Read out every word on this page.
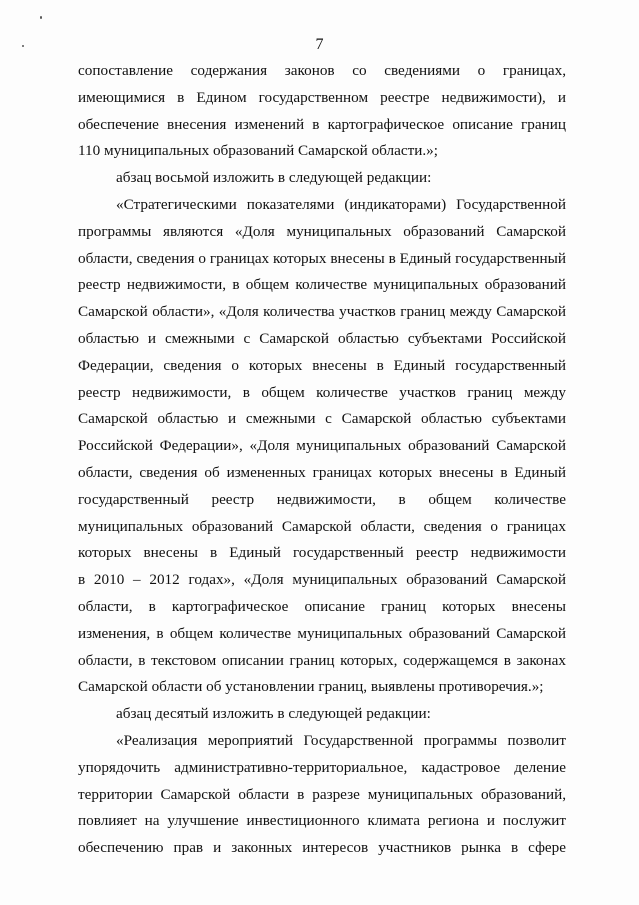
7
сопоставление содержания законов со сведениями о границах,
имеющимися в Едином государственном реестре недвижимости), и
обеспечение внесения изменений в картографическое описание границ
110 муниципальных образований Самарской области.»;
абзац восьмой изложить в следующей редакции:
«Стратегическими показателями (индикаторами) Государственной
программы являются «Доля муниципальных образований Самарской
области, сведения о границах которых внесены в Единый государственный
реестр недвижимости, в общем количестве муниципальных образований
Самарской области», «Доля количества участков границ между Самарской
областью и смежными с Самарской областью субъектами Российской
Федерации, сведения о которых внесены в Единый государственный
реестр недвижимости, в общем количестве участков границ между
Самарской областью и смежными с Самарской областью субъектами
Российской Федерации», «Доля муниципальных образований Самарской
области, сведения об измененных границах которых внесены в Единый
государственный реестр недвижимости, в общем количестве
муниципальных образований Самарской области, сведения о границах
которых внесены в Единый государственный реестр недвижимости
в 2010 – 2012 годах», «Доля муниципальных образований Самарской
области, в картографическое описание границ которых внесены
изменения, в общем количестве муниципальных образований Самарской
области, в текстовом описании границ которых, содержащемся в законах
Самарской области об установлении границ, выявлены противоречия.»;
абзац десятый изложить в следующей редакции:
«Реализация мероприятий Государственной программы позволит
упорядочить административно-территориальное, кадастровое деление
территории Самарской области в разрезе муниципальных образований,
повлияет на улучшение инвестиционного климата региона и послужит
обеспечению прав и законных интересов участников рынка в сфере
